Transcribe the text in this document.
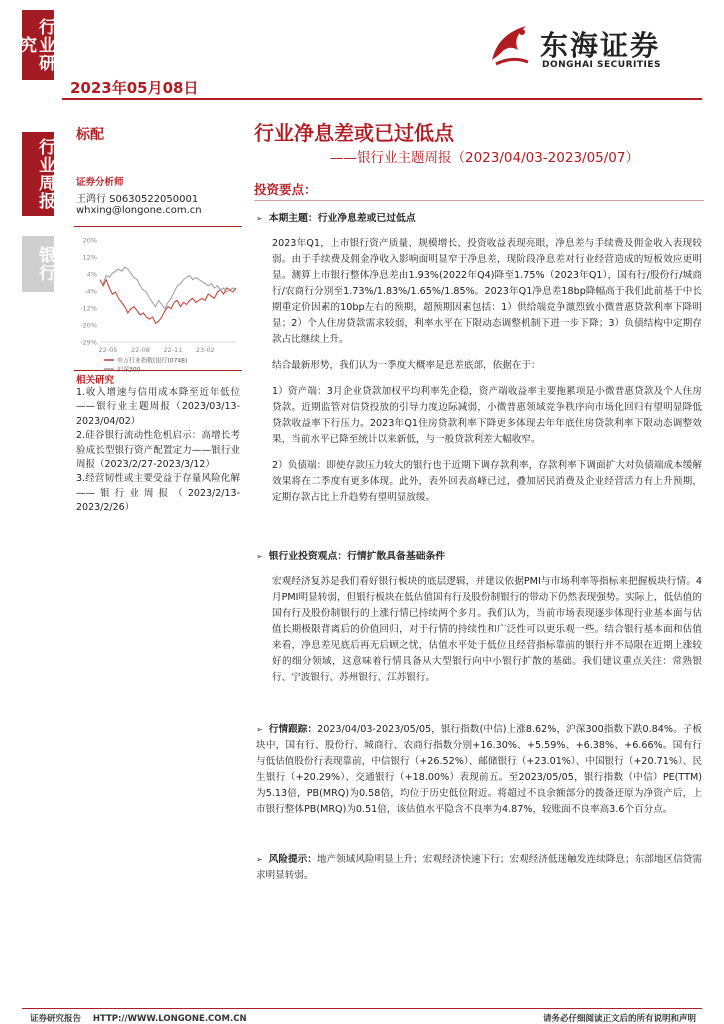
行业研究
行业周报
银行
2023年05月08日
东海证券
DONGHAI SECURITIES
标配	行业净息差或已过低点
——银行业主题周报（2023/04/03-2023/05/07）
证券分析师
王鸿行 S0630522050001
whxing@longone.com.cn
20%
12%
4%
-4%
-12%
-20%
-29%
22-05 22-08 22-11 23-02
申万行业指数(银行(0748)
相关研究
1.收入增速与信用成本降至近年低位——银行业主题周报（2023/03/13-2023/04/02）
2.硅谷银行流动性危机启示：高增长考验成长型银行资产配置定力——银行业周报（2023/2/27-2023/3/12）
3.经营韧性或主要受益于存量风险化解——银行业周报（2023/2/13-2023/2/26）
投资要点：
➢ 本期主题：行业净息差或已过低点
2023年Q1，上市银行资产质量、规模增长、投资收益表现亮眼，净息差与手续费及佣金收入表现较弱。由于手续费及佣金净收入影响面明显窄于净息差，现阶段净息差对行业经营造成的短板效应更明显。测算上市银行整体净息差由1.93%(2022年Q4)降至1.75%（2023年Q1），国有行/股份行/城商行/农商行分别至1.73%/1.83%/1.65%/1.85%。2023年Q1净息差18bp降幅高于我们此前基于中长期重定价因素的10bp左右的预期，超预期因素包括：1）供给端竞争激烈致小微普惠贷款利率下降明显；2）个人住房贷款需求较弱，利率水平在下限动态调整机制下进一步下降；3）负债结构中定期存款占比继续上升。
结合最新形势，我们认为一季度大概率是息差底部，依据在于：
1）资产端：3月企业贷款加权平均利率先企稳，资产端收益率主要拖累项是小微普惠贷款及个人住房贷款。近期监管对信贷投放的引导力度边际减弱，小微普惠领域竞争秩序向市场化回归有望明显降低贷款收益率下行压力。2023年Q1住房贷款利率下降更多体现去年年底住房贷款利率下限动态调整效果，当前水平已降至统计以来新低，与一般贷款利差大幅收窄。
2）负债端：即使存款压力较大的银行也于近期下调存款利率，存款利率下调面扩大对负债端成本缓解效果将在二季度有更多体现。此外，表外回表高峰已过，叠加居民消费及企业经营活力有上升预期，定期存款占比上升趋势有望明显放缓。
➢ 银行业投资观点：行情扩散具备基础条件
宏观经济复苏是我们看好银行板块的底层逻辑，并建议依据PMI与市场利率等指标来把握板块行情。4月PMI明显转弱，但银行板块在低估值国有行及股份制银行的带动下仍然表现强势。实际上，低估值的国有行及股份制银行的上涨行情已持续两个多月。我们认为，当前市场表现逐步体现行业基本面与估值长期极限背离后的价值回归，对于行情的持续性和广泛性可以更乐观一些。结合银行基本面和估值来看，净息差见底后再无后顾之忧，估值水平处于低位且经营指标靠前的银行并不局限在近期上涨较好的细分领域，这意味着行情具备从大型银行向中小银行扩散的基础。我们建议重点关注：常熟银行、宁波银行、苏州银行、江苏银行。
➢ 行情跟踪：2023/04/03-2023/05/05，银行指数(中信)上涨8.62%，沪深300指数下跌0.84%。子板块中，国有行、股份行、城商行、农商行指数分别+16.30%、+5.59%、+6.38%、+6.66%。国有行与低估值股份行表现靠前，中信银行（+26.52%）、邮储银行（+23.01%）、中国银行（+20.71%）、民生银行（+20.29%）、交通银行（+18.00%）表现前五。至2023/05/05，银行指数（中信）PE(TTM)为5.13倍，PB(MRQ)为0.58倍，均位于历史低位附近。将超过不良余额部分的拨备还原为净资产后，上市银行整体PB(MRQ)为0.51倍，该估值水平隐含不良率为4.87%，较账面不良率高3.6个百分点。
➢ 风险提示：地产领域风险明显上升；宏观经济快速下行；宏观经济低迷触发连续降息；东部地区信贷需求明显转弱。
证券研究报告    HTTP://WWW.LONGONE.COM.CN	请务必仔细阅读正文后的所有说明和声明
